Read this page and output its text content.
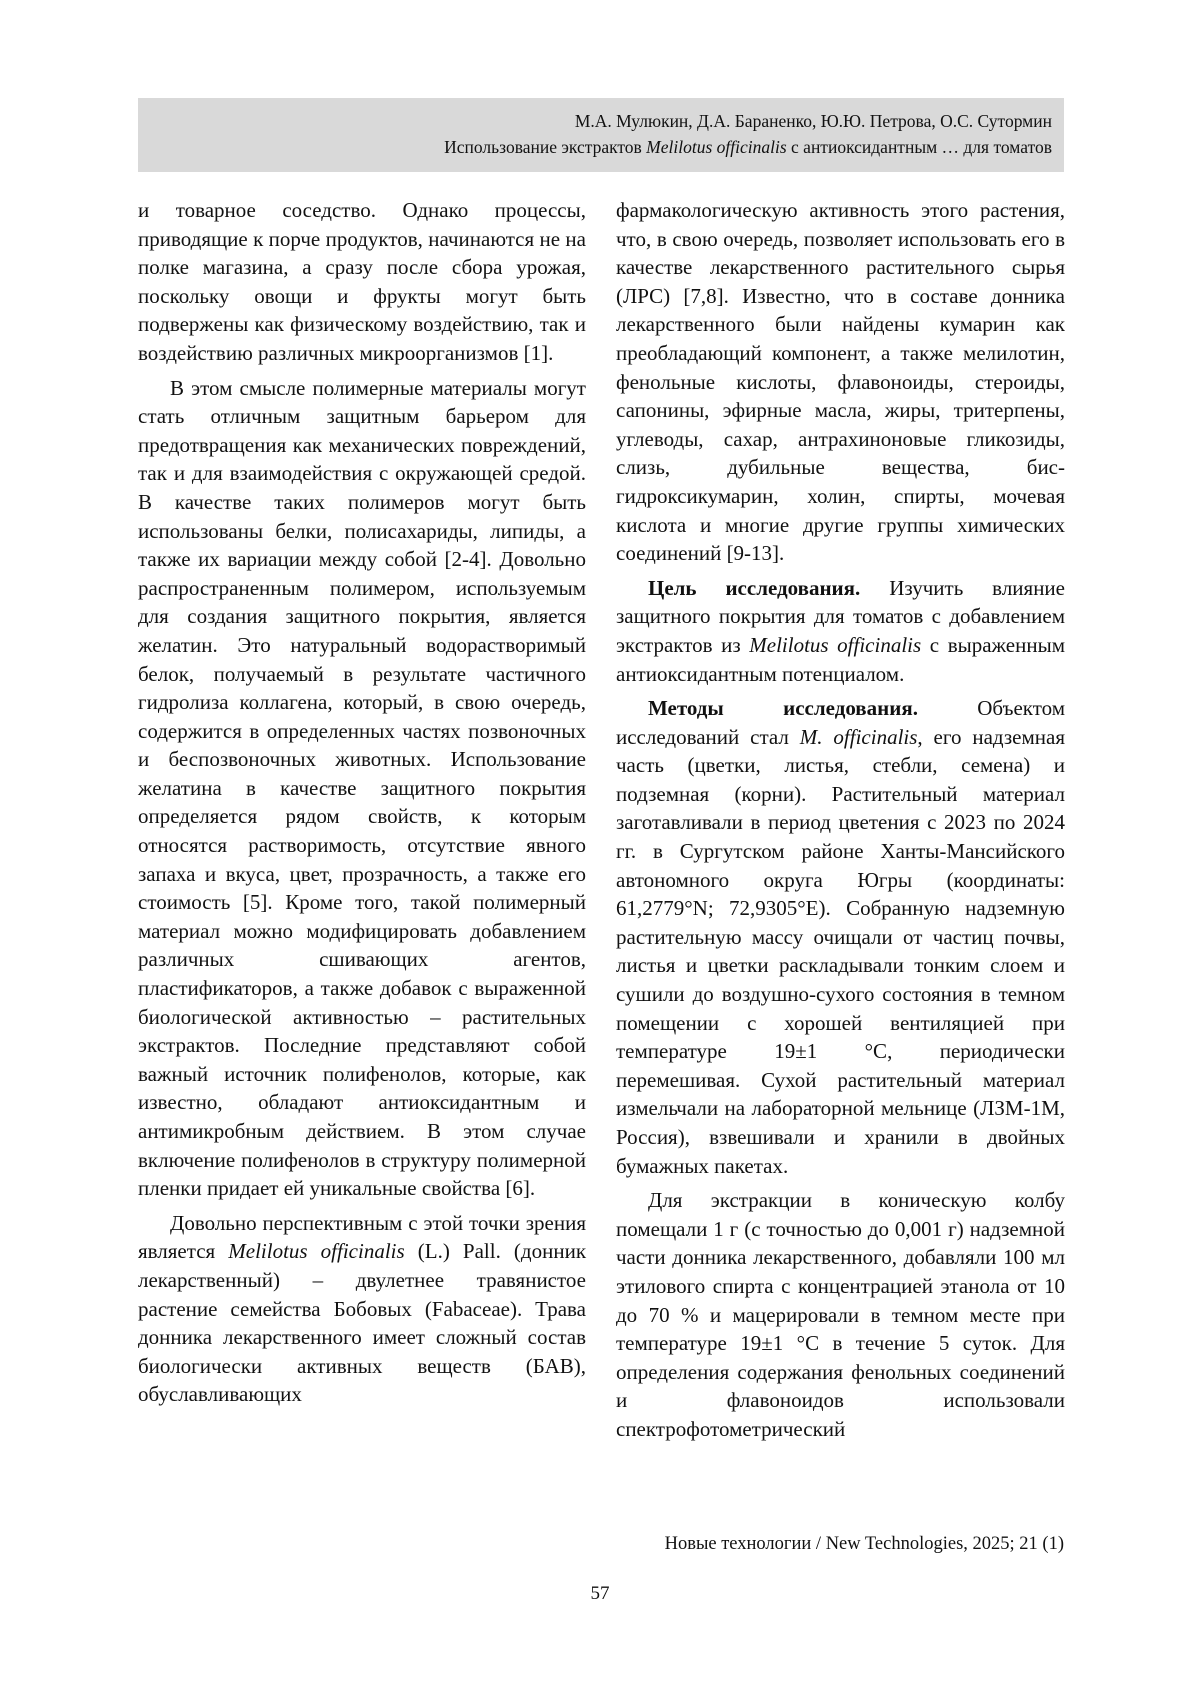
М.А. Мулюкин, Д.А. Бараненко, Ю.Ю. Петрова, О.С. Сутормин
Использование экстрактов Melilotus officinalis с антиоксидантным … для томатов

и товарное соседство. Однако процессы, приводящие к порче продуктов, начинаются не на полке магазина, а сразу после сбора урожая, поскольку овощи и фрукты могут быть подвержены как физическому воздействию, так и воздействию различных микроорганизмов [1].

В этом смысле полимерные материалы могут стать отличным защитным барьером для предотвращения как механических повреждений, так и для взаимодействия с окружающей средой. В качестве таких полимеров могут быть использованы белки, полисахариды, липиды, а также их вариации между собой [2-4]. Довольно распространенным полимером, используемым для создания защитного покрытия, является желатин. Это натуральный водорастворимый белок, получаемый в результате частичного гидролиза коллагена, который, в свою очередь, содержится в определенных частях позвоночных и беспозвоночных животных. Использование желатина в качестве защитного покрытия определяется рядом свойств, к которым относятся растворимость, отсутствие явного запаха и вкуса, цвет, прозрачность, а также его стоимость [5]. Кроме того, такой полимерный материал можно модифицировать добавлением различных сшивающих агентов, пластификаторов, а также добавок с выраженной биологической активностью – растительных экстрактов. Последние представляют собой важный источник полифенолов, которые, как известно, обладают антиоксидантным и антимикробным действием. В этом случае включение полифенолов в структуру полимерной пленки придает ей уникальные свойства [6].

Довольно перспективным с этой точки зрения является Melilotus officinalis (L.) Pall. (донник лекарственный) – двулетнее травянистое растение семейства Бобовых (Fabaceae). Трава донника лекарственного имеет сложный состав биологически активных веществ (БАВ), обуславливающих

фармакологическую активность этого растения, что, в свою очередь, позволяет использовать его в качестве лекарственного растительного сырья (ЛРС) [7,8]. Известно, что в составе донника лекарственного были найдены кумарин как преобладающий компонент, а также мелилотин, фенольные кислоты, флавоноиды, стероиды, сапонины, эфирные масла, жиры, тритерпены, углеводы, сахар, антрахиноновые гликозиды, слизь, дубильные вещества, бис-гидроксикумарин, холин, спирты, мочевая кислота и многие другие группы химических соединений [9-13].

Цель исследования. Изучить влияние защитного покрытия для томатов с добавлением экстрактов из Melilotus officinalis с выраженным антиоксидантным потенциалом.

Методы исследования. Объектом исследований стал M. officinalis, его надземная часть (цветки, листья, стебли, семена) и подземная (корни). Растительный материал заготавливали в период цветения с 2023 по 2024 гг. в Сургутском районе Ханты-Мансийского автономного округа Югры (координаты: 61,2779°N; 72,9305°E). Собранную надземную растительную массу очищали от частиц почвы, листья и цветки раскладывали тонким слоем и сушили до воздушно-сухого состояния в темном помещении с хорошей вентиляцией при температуре 19±1 °C, периодически перемешивая. Сухой растительный материал измельчали на лабораторной мельнице (ЛЗМ-1М, Россия), взвешивали и хранили в двойных бумажных пакетах.

Для экстракции в коническую колбу помещали 1 г (с точностью до 0,001 г) надземной части донника лекарственного, добавляли 100 мл этилового спирта с концентрацией этанола от 10 до 70 % и мацерировали в темном месте при температуре 19±1 °C в течение 5 суток. Для определения содержания фенольных соединений и флавоноидов использовали спектрофотометрический

Новые технологии / New Technologies, 2025; 21 (1)
57
